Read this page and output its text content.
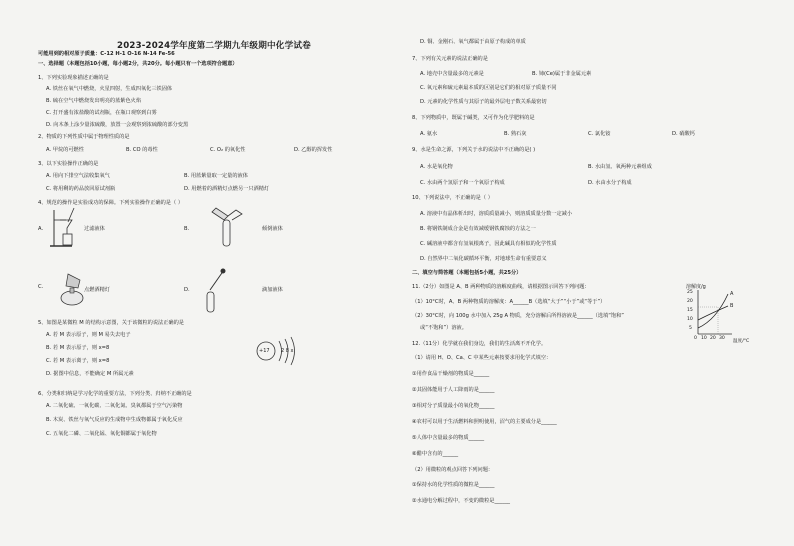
2023-2024学年度第二学期九年级期中化学试卷
可能用到的相对原子质量：C-12 H-1 O-16 N-14 Fe-56
一、选择题（本题包括10小题，每小题2分，共20分。每小题只有一个选项符合题意）
1、下列实验现象描述正确的是
A. 铁丝在氧气中燃烧，火星四射，生成四氧化三铁固体
B. 硫在空气中燃烧发出明亮的蓝紫色火焰
C. 打开盛有浓盐酸的试剂瓶，在瓶口观察到白雾
D. 向木条上涂少量浓硫酸，放置一会观察到浓硫酸的部分变黑
2、物质的下列性质中属于物理性质的是
A. 甲烷的可燃性	B. CO 的毒性	C. O₂ 的氧化性	D. 乙醇的挥发性
3、以下实验操作正确的是
A. 用向下排空气法收集氧气	B. 用蓝紫量取一定量的液体
C. 将用剩的药品放回原试剂瓶	D. 用燃着的酒精灯点燃另一只酒精灯
4、规范的操作是实验成功的保障。下列实验操作正确的是（ ）
A.	过滤液体	B.	倾倒液体
C.	点燃酒精灯	D.	滴加液体
5、如图是某微粒 M 的结构示意图，关于该微粒的说法正确的是
A. 若 M 表示原子，则 M 易失去电子
B. 若 M 表示原子，则 x=8
C. 若 M 表示离子，则 x=8
D. 据图中信息，不能确定 M 所属元素
6、分类和归纳是学习化学的重要方法，下列分类、归纳不正确的是
A. 二氧化硫、一氧化碳、二氧化氮、臭氧都属于空气污染物
B. 木炭、铁丝与氧气反应的生成物中生成物都属于氧化反应
C. 五氧化二磷、二氧化锰、氧化铜都属于氧化物
+17 2 8 x
D. 铜、金刚石、氧气都属于由原子构成的单质
7、下列有关元素的说法正确的是
A. 地壳中含量最多的元素是	B. 铈(Ce)属于非金属元素
C. 氧元素和硫元素最本质的区别是它们的相对原子质量不同
D. 元素的化学性质与其原子的最外层电子数关系最密切
8、下列物质中，既属于碱类，又可作为化学肥料的是
A. 氨水	B. 熟石灰	C. 氯化铵	D. 硝酸钙
9、水是生命之源，下列关于水的说法中不正确的是( )
A. 水是氧化物	B. 水由氢、氧两种元素组成
C. 水由两个氢原子和一个氧原子构成	D. 水由水分子构成
10、下列说法中，不正确的是（ ）
A. 溶液中有晶体析出时，溶质质量减小，则溶质质量分数一定减小
B. 将钢铁制成合金是有效减缓钢铁腐蚀的方法之一
C. 碱溶液中都含有氢氧根离子，因此碱具有相似的化学性质
D. 自然界中二氧化碳循环平衡，对地球生命有重要意义
二、填空与简答题（本题包括5小题，共25分）
11.（2分）如图是 A、B 两种物质的溶解度曲线，请根据图示回答下列问题：
（1）10°C时，A、B 两种物质的溶解度：A______B（选填“大于”“小于”或“等于”）
（2）30°C时，向 100g 水中加入 25g A 物质，充分溶解后所得溶液是______（选填“饱和”
或“不饱和”）溶液。
12.（11分）化学就在我们身边，我们的生活离不开化学。
（1）请用 H、O、Ca、C 中某些元素按要求用化学式填空：
①用作食品干燥剂的物质是______
②其固体能用于人工降雨的是______
③相对分子质量最小的氧化物______
④农村可以用于生活燃料和照明使用，沼气的主要成分是______
⑤人体中含量最多的物质______
⑥醋中含有的______
（2）用微粒的观点回答下列问题：
①保持水的化学性质的微粒是______
②水通电分解过程中，不变的微粒是______
溶解度/g
25
20
15
10
5
A
B
0 10 20 30
温度/°C
